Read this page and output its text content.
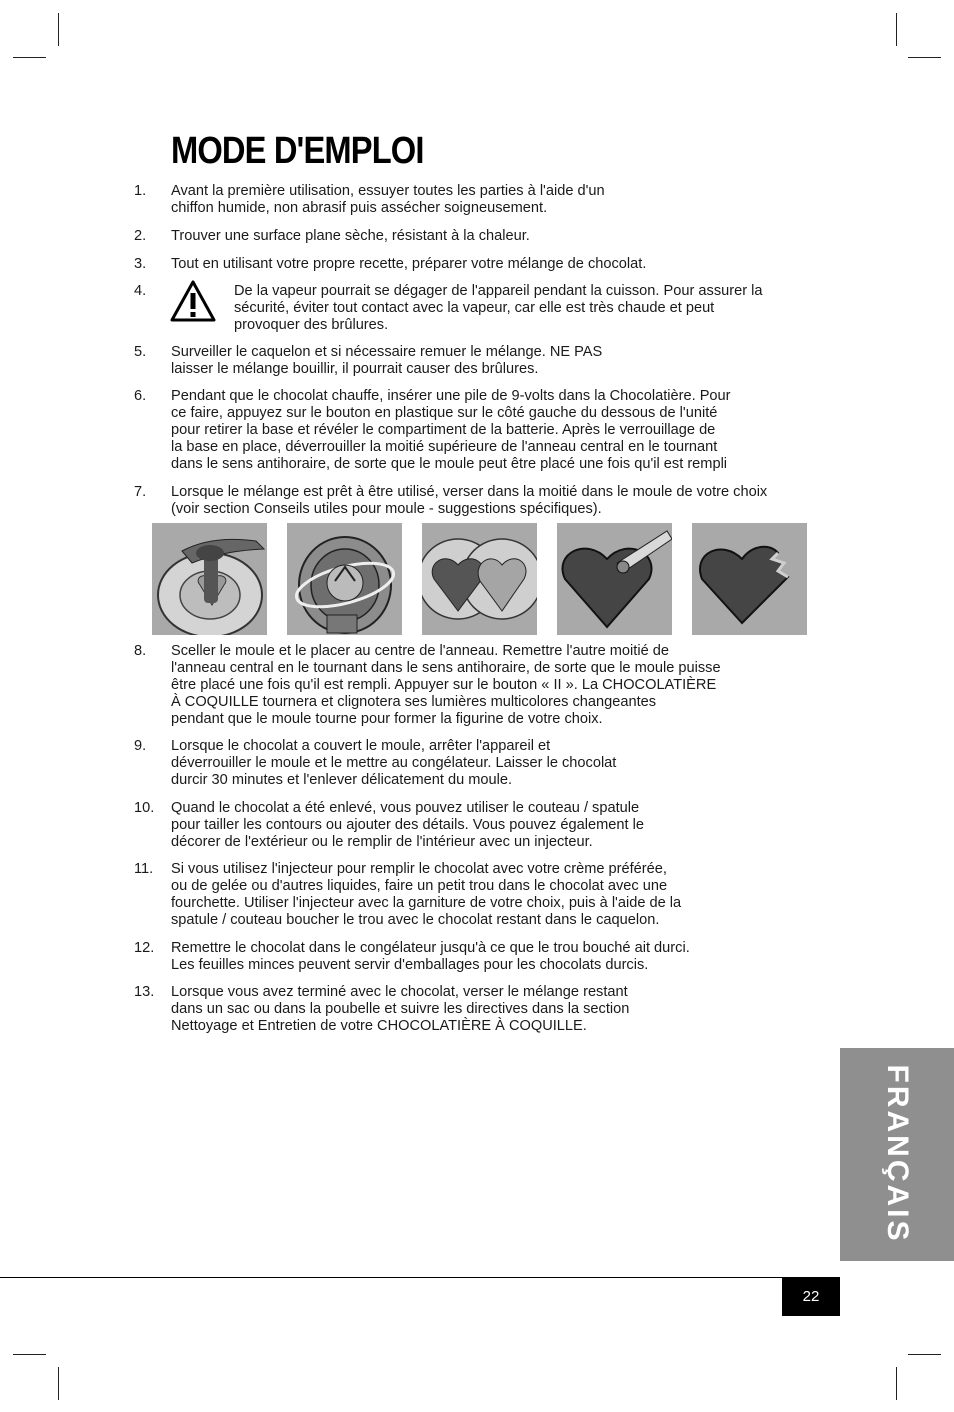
MODE D'EMPLOI
1.	Avant la première utilisation, essuyer toutes les parties à l'aide d'un
chiffon humide, non abrasif puis assécher soigneusement.
2.	Trouver une surface plane sèche, résistant à la chaleur.
3.	Tout en utilisant votre propre recette, préparer votre mélange de chocolat.
4.	De la vapeur pourrait se dégager de l'appareil pendant la cuisson. Pour assurer la
sécurité, éviter tout contact avec la vapeur, car elle est très chaude et peut
provoquer des brûlures.
5.	Surveiller le caquelon et si nécessaire remuer le mélange. NE PAS
laisser le mélange bouillir, il pourrait causer des brûlures.
6.	Pendant que le chocolat chauffe, insérer une pile de 9-volts dans la Chocolatière. Pour
ce faire, appuyez sur le bouton en plastique sur le côté gauche du dessous de l'unité
pour retirer la base et révéler le compartiment de la batterie. Après le verrouillage de
la base en place, déverrouiller la moitié supérieure de l'anneau central en le tournant
dans le sens antihoraire, de sorte que le moule peut être placé une fois qu'il est rempli
7.	Lorsque le mélange est prêt à être utilisé, verser dans la moitié dans le moule de votre choix
(voir section Conseils utiles pour moule - suggestions spécifiques).
8.	Sceller le moule et le placer au centre de l'anneau. Remettre l'autre moitié de
l'anneau central en le tournant dans le sens antihoraire, de sorte que le moule puisse
être placé une fois qu'il est rempli. Appuyer sur le bouton « II ». La CHOCOLATIÈRE
À COQUILLE tournera et clignotera ses lumières multicolores changeantes
pendant que le moule tourne pour former la figurine de votre choix.
9.	Lorsque le chocolat a couvert le moule, arrêter l'appareil et
déverrouiller le moule et le mettre au congélateur. Laisser le chocolat
durcir 30 minutes et l'enlever délicatement du moule.
10.	Quand le chocolat a été enlevé, vous pouvez utiliser le couteau / spatule
pour tailler les contours ou ajouter des détails. Vous pouvez également le
décorer de l'extérieur ou le remplir de l'intérieur avec un injecteur.
11.	Si vous utilisez l'injecteur pour remplir le chocolat avec votre crème préférée,
ou de gelée ou d'autres liquides, faire un petit trou dans le chocolat avec une
fourchette. Utiliser l'injecteur avec la garniture de votre choix, puis à l'aide de la
spatule / couteau boucher le trou avec le chocolat restant dans le caquelon.
12.	Remettre le chocolat dans le congélateur jusqu'à ce que le trou bouché ait durci.
Les feuilles minces peuvent servir d'emballages pour les chocolats durcis.
13.	Lorsque vous avez terminé avec le chocolat, verser le mélange restant
dans un sac ou dans la poubelle et suivre les directives dans la section
Nettoyage et Entretien de votre CHOCOLATIÈRE À COQUILLE.
FRANÇAIS
22
